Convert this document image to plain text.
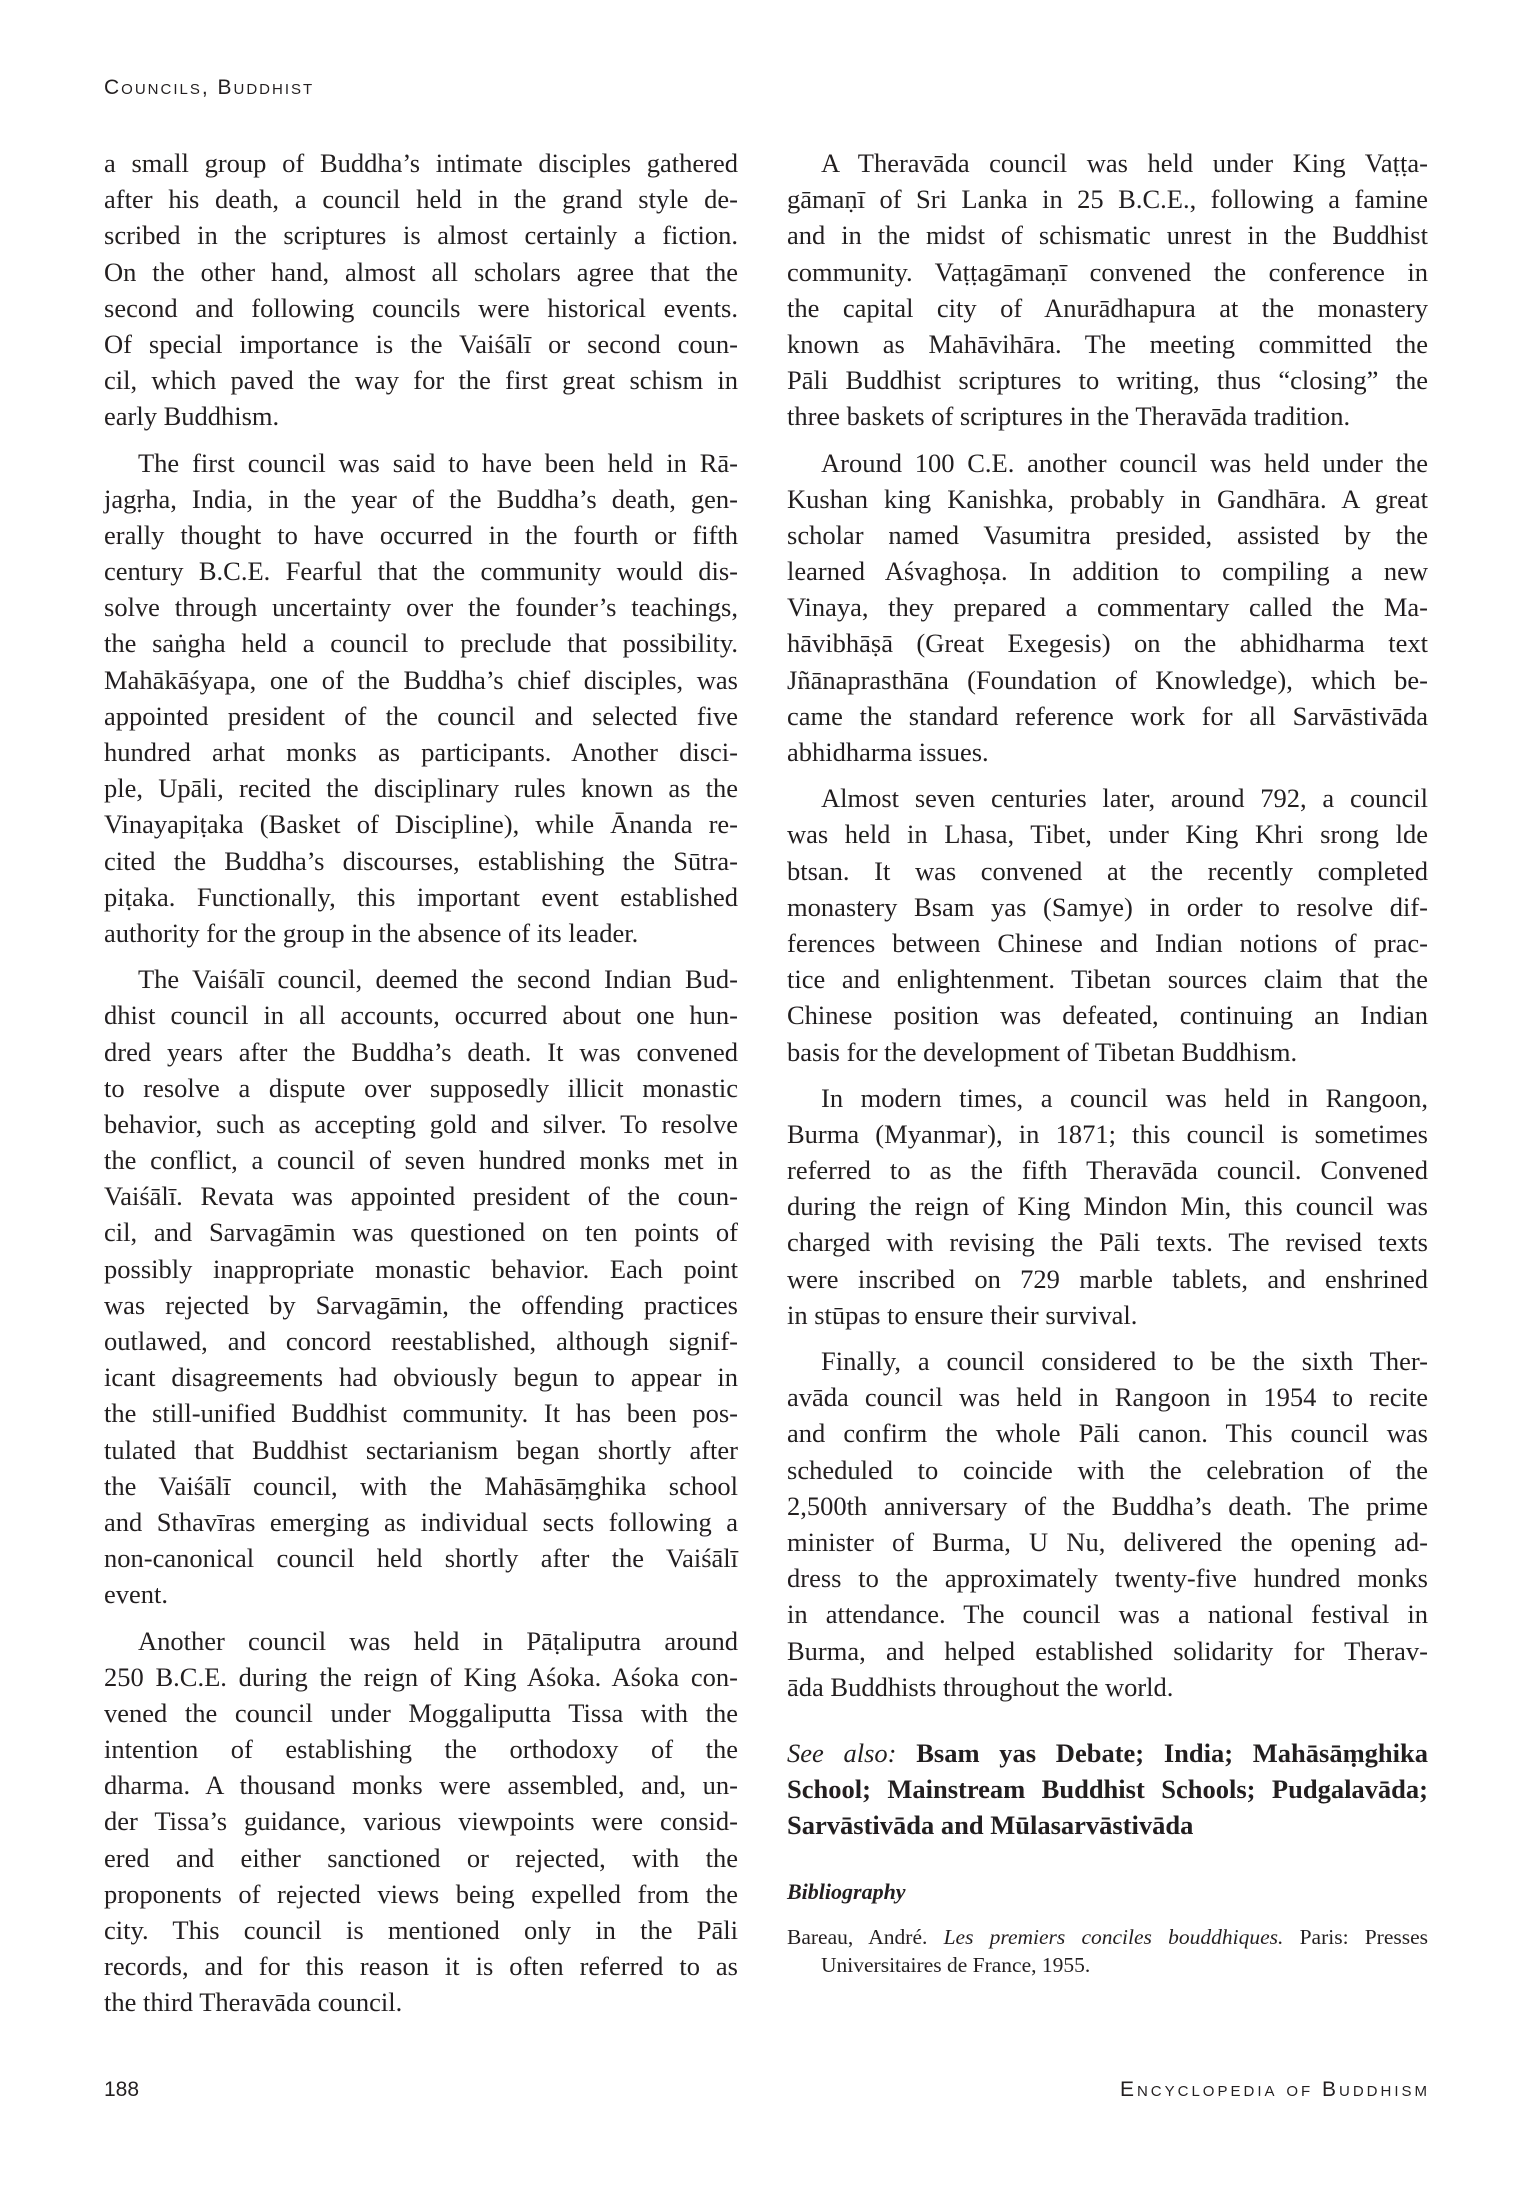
Councils, Buddhist

a small group of Buddha’s intimate disciples gathered
after his death, a council held in the grand style de-
scribed in the scriptures is almost certainly a fiction.
On the other hand, almost all scholars agree that the
second and following councils were historical events.
Of special importance is the Vaiśālī or second coun-
cil, which paved the way for the first great schism in
early Buddhism.

The first council was said to have been held in Rā-
jagṛha, India, in the year of the Buddha’s death, gen-
erally thought to have occurred in the fourth or fifth
century B.C.E. Fearful that the community would dis-
solve through uncertainty over the founder’s teachings,
the saṅgha held a council to preclude that possibility.
Mahākāśyapa, one of the Buddha’s chief disciples, was
appointed president of the council and selected five
hundred arhat monks as participants. Another disci-
ple, Upāli, recited the disciplinary rules known as the
Vinayapiṭaka (Basket of Discipline), while Ānanda re-
cited the Buddha’s discourses, establishing the Sūtra-
piṭaka. Functionally, this important event established
authority for the group in the absence of its leader.

The Vaiśālī council, deemed the second Indian Bud-
dhist council in all accounts, occurred about one hun-
dred years after the Buddha’s death. It was convened
to resolve a dispute over supposedly illicit monastic
behavior, such as accepting gold and silver. To resolve
the conflict, a council of seven hundred monks met in
Vaiśālī. Revata was appointed president of the coun-
cil, and Sarvagāmin was questioned on ten points of
possibly inappropriate monastic behavior. Each point
was rejected by Sarvagāmin, the offending practices
outlawed, and concord reestablished, although signif-
icant disagreements had obviously begun to appear in
the still-unified Buddhist community. It has been pos-
tulated that Buddhist sectarianism began shortly after
the Vaiśālī council, with the Mahāsāṃghika school
and Sthavīras emerging as individual sects following a
non-canonical council held shortly after the Vaiśālī
event.

Another council was held in Pāṭaliputra around
250 B.C.E. during the reign of King Aśoka. Aśoka con-
vened the council under Moggaliputta Tissa with the
intention of establishing the orthodoxy of the
dharma. A thousand monks were assembled, and, un-
der Tissa’s guidance, various viewpoints were consid-
ered and either sanctioned or rejected, with the
proponents of rejected views being expelled from the
city. This council is mentioned only in the Pāli
records, and for this reason it is often referred to as
the third Theravāda council.

A Theravāda council was held under King Vaṭṭa-
gāmaṇī of Sri Lanka in 25 B.C.E., following a famine
and in the midst of schismatic unrest in the Buddhist
community. Vaṭṭagāmaṇī convened the conference in
the capital city of Anurādhapura at the monastery
known as Mahāvihāra. The meeting committed the
Pāli Buddhist scriptures to writing, thus “closing” the
three baskets of scriptures in the Theravāda tradition.

Around 100 C.E. another council was held under the
Kushan king Kanishka, probably in Gandhāra. A great
scholar named Vasumitra presided, assisted by the
learned Aśvaghoṣa. In addition to compiling a new
Vinaya, they prepared a commentary called the Ma-
hāvibhāṣā (Great Exegesis) on the abhidharma text
Jñānaprasthāna (Foundation of Knowledge), which be-
came the standard reference work for all Sarvāstivāda
abhidharma issues.

Almost seven centuries later, around 792, a council
was held in Lhasa, Tibet, under King Khri srong lde
btsan. It was convened at the recently completed
monastery Bsam yas (Samye) in order to resolve dif-
ferences between Chinese and Indian notions of prac-
tice and enlightenment. Tibetan sources claim that the
Chinese position was defeated, continuing an Indian
basis for the development of Tibetan Buddhism.

In modern times, a council was held in Rangoon,
Burma (Myanmar), in 1871; this council is sometimes
referred to as the fifth Theravāda council. Convened
during the reign of King Mindon Min, this council was
charged with revising the Pāli texts. The revised texts
were inscribed on 729 marble tablets, and enshrined
in stūpas to ensure their survival.

Finally, a council considered to be the sixth Ther-
avāda council was held in Rangoon in 1954 to recite
and confirm the whole Pāli canon. This council was
scheduled to coincide with the celebration of the
2,500th anniversary of the Buddha’s death. The prime
minister of Burma, U Nu, delivered the opening ad-
dress to the approximately twenty-five hundred monks
in attendance. The council was a national festival in
Burma, and helped established solidarity for Therav-
āda Buddhists throughout the world.

See also: Bsam yas Debate; India; Mahāsāṃghika
School; Mainstream Buddhist Schools; Pudgalavāda;
Sarvāstivāda and Mūlasarvāstivāda
Bibliography
Bareau, André. Les premiers conciles bouddhiques. Paris: Presses
Universitaires de France, 1955.
188	Encyclopedia of Buddhism
